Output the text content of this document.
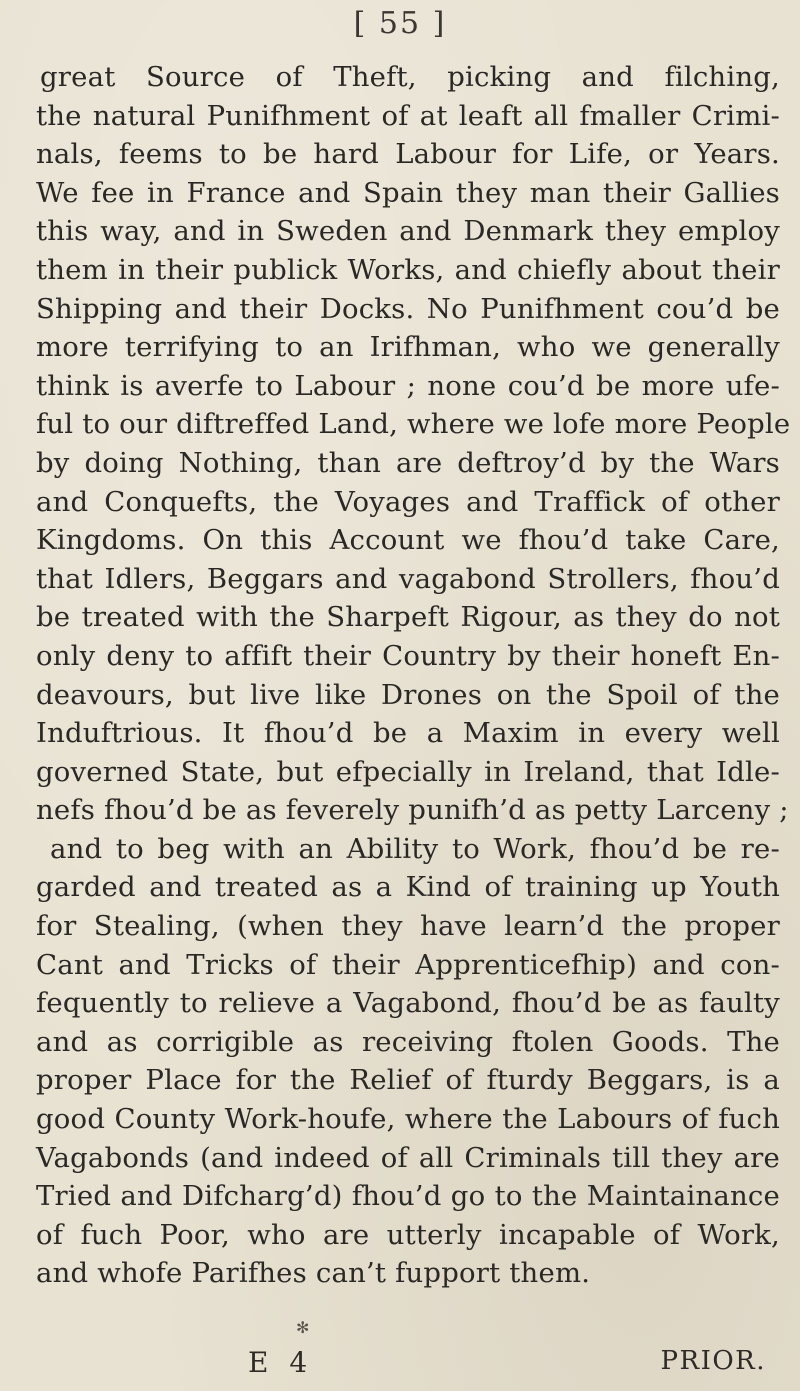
[ 55 ]
great Source of Theft, picking and filching,
the natural Punifhment of at leaft all fmaller Crimi-
nals, feems to be hard Labour for Life, or Years.
We fee in France and Spain they man their Gallies
this way, and in Sweden and Denmark they employ
them in their publick Works, and chiefly about their
Shipping and their Docks. No Punifhment cou’d be
more terrifying to an Irifhman, who we generally
think is averfe to Labour ; none cou’d be more ufe-
ful to our diftreffed Land, where we lofe more People
by doing Nothing, than are deftroy’d by the Wars
and Conquefts, the Voyages and Traffick of other
Kingdoms. On this Account we fhou’d take Care,
that Idlers, Beggars and vagabond Strollers, fhou’d
be treated with the Sharpeft Rigour, as they do not
only deny to affift their Country by their honeft En-
deavours, but live like Drones on the Spoil of the
Induftrious. It fhou’d be a Maxim in every well
governed State, but efpecially in Ireland, that Idle-
nefs fhou’d be as feverely punifh’d as petty Larceny ;
and to beg with an Ability to Work, fhou’d be re-
garded and treated as a Kind of training up Youth
for Stealing, (when they have learn’d the proper
Cant and Tricks of their Apprenticefhip) and con-
fequently to relieve a Vagabond, fhou’d be as faulty
and as corrigible as receiving ftolen Goods. The
proper Place for the Relief of fturdy Beggars, is a
good County Work-houfe, where the Labours of fuch
Vagabonds (and indeed of all Criminals till they are
Tried and Difcharg’d) fhou’d go to the Maintainance
of fuch Poor, who are utterly incapable of Work,
and whofe Parifhes can’t fupport them.
✻
E 4	PRIOR.
